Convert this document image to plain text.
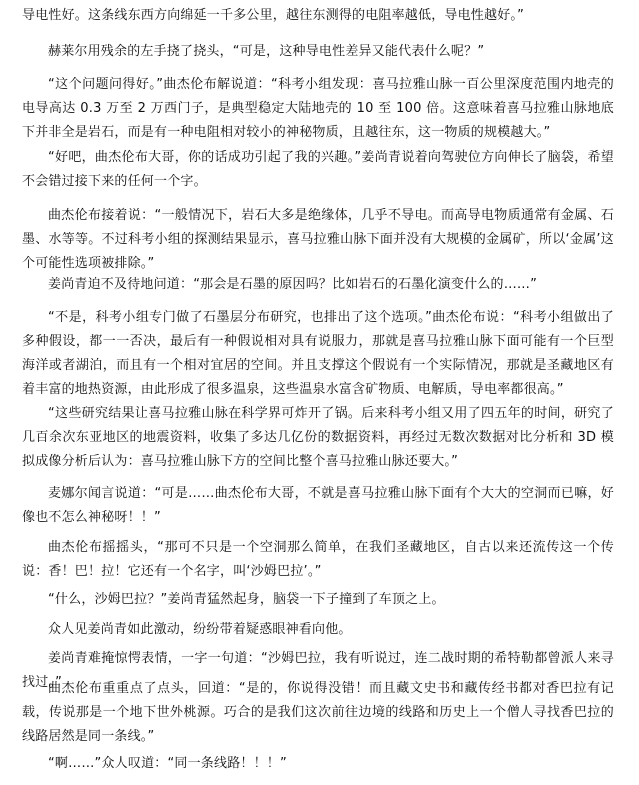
导电性好。这条线东西方向绵延一千多公里，越往东测得的电阻率越低，导电性越好。”

赫莱尔用残余的左手挠了挠头，“可是，这种导电性差异又能代表什么呢？”

“这个问题问得好。”曲杰伦布解说道：“科考小组发现：喜马拉雅山脉一百公里深度范围内地壳的电导高达 0.3 万至 2 万西门子，是典型稳定大陆地壳的 10 至 100 倍。这意味着喜马拉雅山脉地底下并非全是岩石，而是有一种电阻相对较小的神秘物质，且越往东，这一物质的规模越大。”

“好吧，曲杰伦布大哥，你的话成功引起了我的兴趣。”姜尚青说着向驾驶位方向伸长了脑袋，希望不会错过接下来的任何一个字。

曲杰伦布接着说：“一般情况下，岩石大多是绝缘体，几乎不导电。而高导电物质通常有金属、石墨、水等等。不过科考小组的探测结果显示，喜马拉雅山脉下面并没有大规模的金属矿，所以‘金属’这个可能性选项被排除。”

姜尚青迫不及待地问道：“那会是石墨的原因吗？比如岩石的石墨化演变什么的……”

“不是，科考小组专门做了石墨层分布研究，也排出了这个选项。”曲杰伦布说：“科考小组做出了多种假设，都一一否决，最后有一种假说相对具有说服力，那就是喜马拉雅山脉下面可能有一个巨型海洋或者湖泊，而且有一个相对宜居的空间。并且支撑这个假说有一个实际情况，那就是圣藏地区有着丰富的地热资源，由此形成了很多温泉，这些温泉水富含矿物质、电解质，导电率都很高。”

“这些研究结果让喜马拉雅山脉在科学界可炸开了锅。后来科考小组又用了四五年的时间，研究了几百余次东亚地区的地震资料，收集了多达几亿份的数据资料，再经过无数次数据对比分析和 3D 模拟成像分析后认为：喜马拉雅山脉下方的空间比整个喜马拉雅山脉还要大。”

麦娜尔闻言说道：“可是……曲杰伦布大哥，不就是喜马拉雅山脉下面有个大大的空洞而已嘛，好像也不怎么神秘呀！！”

曲杰伦布摇摇头，“那可不只是一个空洞那么简单，在我们圣藏地区，自古以来还流传这一个传说：香！巴！拉！它还有一个名字，叫‘沙姆巴拉’。”

“什么，沙姆巴拉？”姜尚青猛然起身，脑袋一下子撞到了车顶之上。

众人见姜尚青如此激动，纷纷带着疑惑眼神看向他。

姜尚青难掩惊愕表情，一字一句道：“沙姆巴拉，我有听说过，连二战时期的希特勒都曾派人来寻找过。”

曲杰伦布重重点了点头，回道：“是的，你说得没错！而且藏文史书和藏传经书都对香巴拉有记载，传说那是一个地下世外桃源。巧合的是我们这次前往边境的线路和历史上一个僧人寻找香巴拉的线路居然是同一条线。”

“啊……”众人叹道：“同一条线路！！！”
